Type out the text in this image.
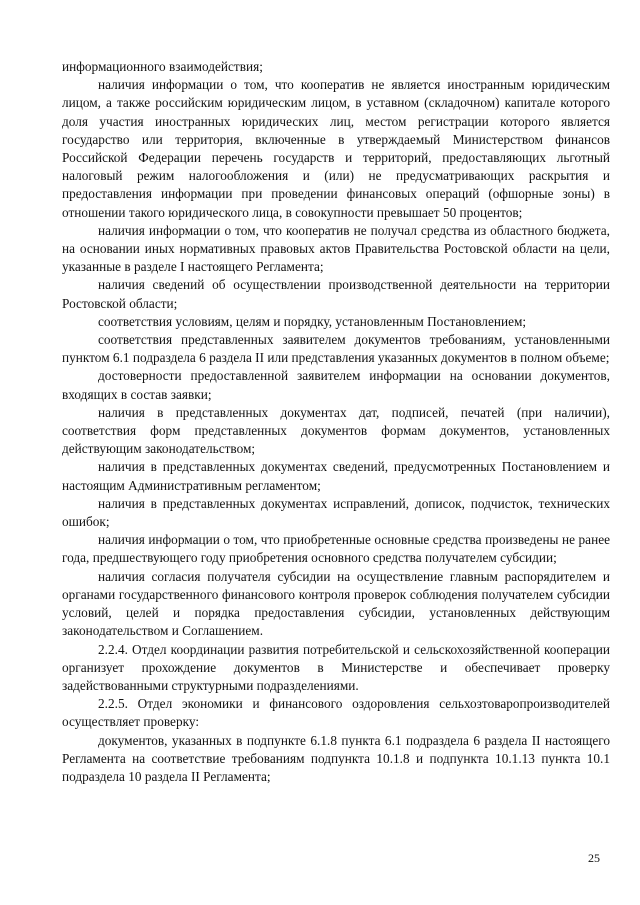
информационного взаимодействия;

наличия информации о том, что кооператив не является иностранным юридическим лицом, а также российским юридическим лицом, в уставном (складочном) капитале которого доля участия иностранных юридических лиц, местом регистрации которого является государство или территория, включенные в утверждаемый Министерством финансов Российской Федерации перечень государств и территорий, предоставляющих льготный налоговый режим налогообложения и (или) не предусматривающих раскрытия и предоставления информации при проведении финансовых операций (офшорные зоны) в отношении такого юридического лица, в совокупности превышает 50 процентов;

наличия информации о том, что кооператив не получал средства из областного бюджета, на основании иных нормативных правовых актов Правительства Ростовской области на цели, указанные в разделе I настоящего Регламента;

наличия сведений об осуществлении производственной деятельности на территории Ростовской области;

соответствия условиям, целям и порядку, установленным Постановлением;

соответствия представленных заявителем документов требованиям, установленными пунктом 6.1 подраздела 6 раздела II или представления указанных документов в полном объеме;

достоверности предоставленной заявителем информации на основании документов, входящих в состав заявки;

наличия в представленных документах дат, подписей, печатей (при наличии), соответствия форм представленных документов формам документов, установленных действующим законодательством;

наличия в представленных документах сведений, предусмотренных Постановлением и настоящим Административным регламентом;

наличия в представленных документах исправлений, дописок, подчисток, технических ошибок;

наличия информации о том, что приобретенные основные средства произведены не ранее года, предшествующего году приобретения основного средства получателем субсидии;

наличия согласия получателя субсидии на осуществление главным распорядителем и органами государственного финансового контроля проверок соблюдения получателем субсидии условий, целей и порядка предоставления субсидии, установленных действующим законодательством и Соглашением.

2.2.4. Отдел координации развития потребительской и сельскохозяйственной кооперации организует прохождение документов в Министерстве и обеспечивает проверку задействованными структурными подразделениями.

2.2.5. Отдел экономики и финансового оздоровления сельхозтоваропроизводителей осуществляет проверку:

документов, указанных в подпункте 6.1.8 пункта 6.1 подраздела 6 раздела II настоящего Регламента на соответствие требованиям подпункта 10.1.8 и подпункта 10.1.13 пункта 10.1 подраздела 10 раздела II Регламента;

25
